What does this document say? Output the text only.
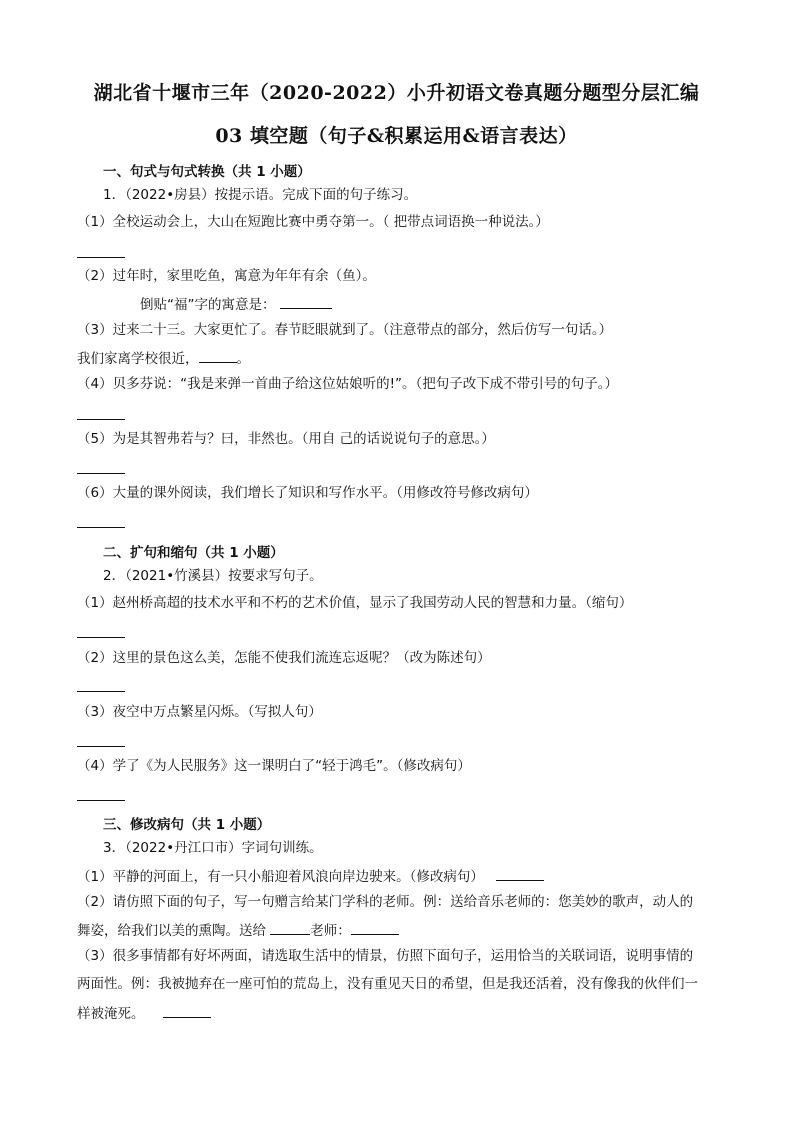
湖北省十堰市三年（2020-2022）小升初语文卷真题分题型分层汇编
03 填空题（句子&积累运用&语言表达）
一、句式与句式转换（共 1 小题）
1．（2022•房县）按提示语。完成下面的句子练习。
（1）全校运动会上，大山在短跑比赛中勇夺第一。（ 把带点词语换一种说法。）
（2）过年时，家里吃鱼，寓意为年年有余（鱼）。
倒贴“福”字的寓意是：
（3）过来二十三。大家更忙了。春节眨眼就到了。（注意带点的部分，然后仿写一句话。）
我们家离学校很近，	。
（4）贝多芬说：“我是来弹一首曲子给这位姑娘听的!”。（把句子改下成不带引号的句子。）
（5）为是其智弗若与？曰，非然也。（用自 己的话说说句子的意思。）
（6）大量的课外阅读，我们增长了知识和写作水平。（用修改符号修改病句）
二、扩句和缩句（共 1 小题）
2．（2021•竹溪县）按要求写句子。
（1）赵州桥高超的技术水平和不朽的艺术价值，显示了我国劳动人民的智慧和力量。（缩句）
（2）这里的景色这么美，怎能不使我们流连忘返呢？（改为陈述句）
（3）夜空中万点繁星闪烁。（写拟人句）
（4）学了《为人民服务》这一课明白了“轻于鸿毛”。（修改病句）
三、修改病句（共 1 小题）
3．（2022•丹江口市）字词句训练。
（1）平静的河面上，有一只小船迎着风浪向岸边驶来。（修改病句）
（2）请仿照下面的句子，写一句赠言给某门学科的老师。例：送给音乐老师的：您美妙的歌声，动人的
舞姿，给我们以美的熏陶。送给	老师：
（3）很多事情都有好坏两面，请选取生活中的情景，仿照下面句子，运用恰当的关联词语，说明事情的
两面性。例：我被抛弃在一座可怕的荒岛上，没有重见天日的希望，但是我还活着，没有像我的伙伴们一
样被淹死。
